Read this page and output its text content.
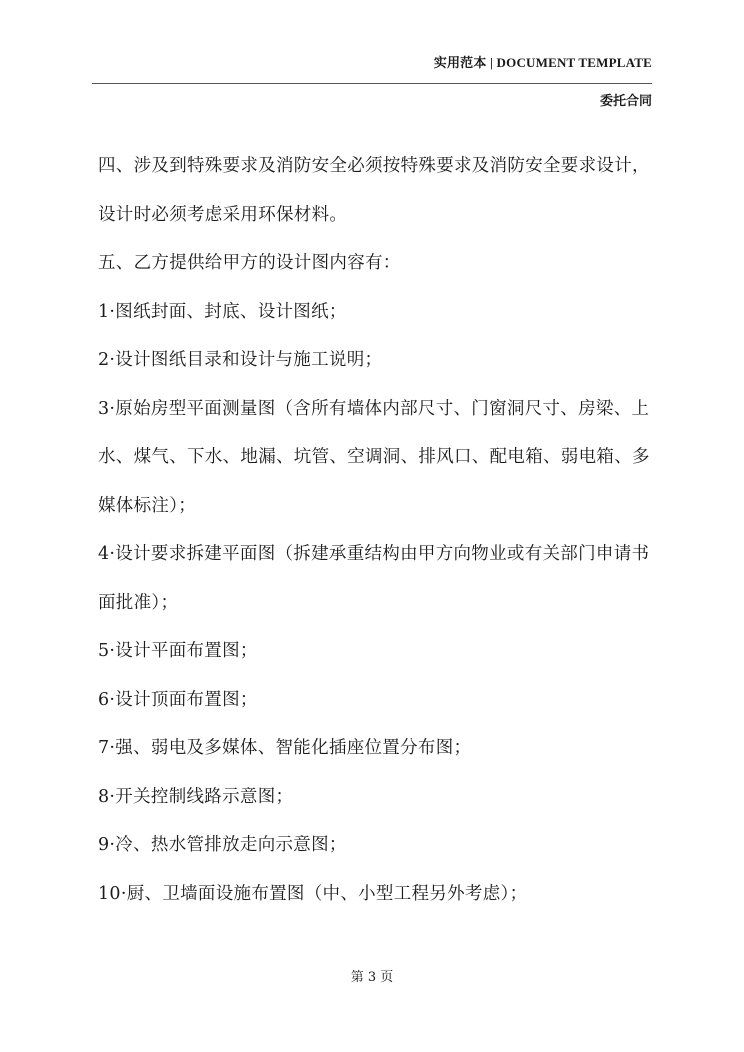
实用范本 | DOCUMENT TEMPLATE
委托合同

四、涉及到特殊要求及消防安全必须按特殊要求及消防安全要求设计，设计时必须考虑采用环保材料。

五、乙方提供给甲方的设计图内容有：

1·图纸封面、封底、设计图纸；

2·设计图纸目录和设计与施工说明；

3·原始房型平面测量图（含所有墙体内部尺寸、门窗洞尺寸、房梁、上水、煤气、下水、地漏、坑管、空调洞、排风口、配电箱、弱电箱、多媒体标注）；

4·设计要求拆建平面图（拆建承重结构由甲方向物业或有关部门申请书面批准）；

5·设计平面布置图；

6·设计顶面布置图；

7·强、弱电及多媒体、智能化插座位置分布图；

8·开关控制线路示意图；

9·冷、热水管排放走向示意图；

10·厨、卫墙面设施布置图（中、小型工程另外考虑）；

第 3 页
